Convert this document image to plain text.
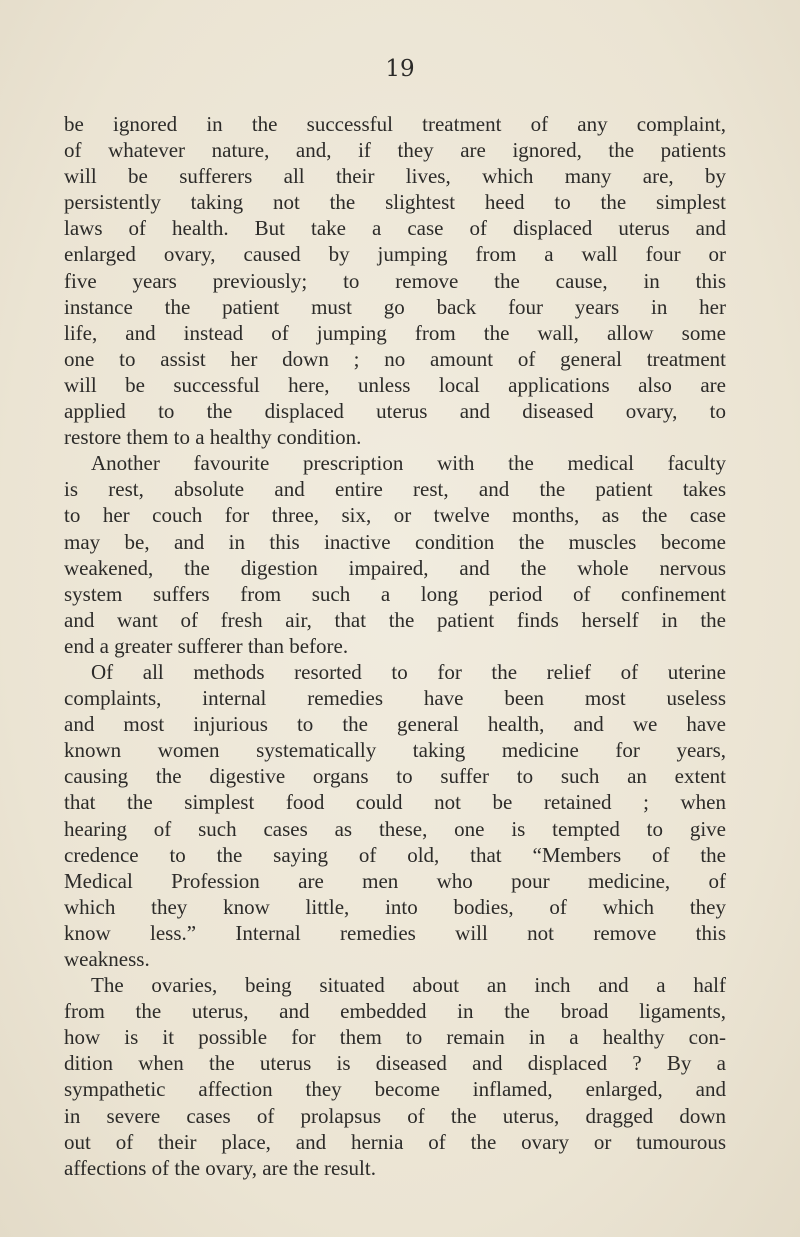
19
be ignored in the successful treatment of any complaint,
of whatever nature, and, if they are ignored, the patients
will be sufferers all their lives, which many are, by
persistently taking not the slightest heed to the simplest
laws of health. But take a case of displaced uterus and
enlarged ovary, caused by jumping from a wall four or
five years previously; to remove the cause, in this
instance the patient must go back four years in her
life, and instead of jumping from the wall, allow some
one to assist her down ; no amount of general treatment
will be successful here, unless local applications also are
applied to the displaced uterus and diseased ovary, to
restore them to a healthy condition.
Another favourite prescription with the medical faculty
is rest, absolute and entire rest, and the patient takes
to her couch for three, six, or twelve months, as the case
may be, and in this inactive condition the muscles become
weakened, the digestion impaired, and the whole nervous
system suffers from such a long period of confinement
and want of fresh air, that the patient finds herself in the
end a greater sufferer than before.
Of all methods resorted to for the relief of uterine
complaints, internal remedies have been most useless
and most injurious to the general health, and we have
known women systematically taking medicine for years,
causing the digestive organs to suffer to such an extent
that the simplest food could not be retained ; when
hearing of such cases as these, one is tempted to give
credence to the saying of old, that “Members of the
Medical Profession are men who pour medicine, of
which they know little, into bodies, of which they
know less.” Internal remedies will not remove this
weakness.
The ovaries, being situated about an inch and a half
from the uterus, and embedded in the broad ligaments,
how is it possible for them to remain in a healthy con-
dition when the uterus is diseased and displaced ? By a
sympathetic affection they become inflamed, enlarged, and
in severe cases of prolapsus of the uterus, dragged down
out of their place, and hernia of the ovary or tumourous
affections of the ovary, are the result.
